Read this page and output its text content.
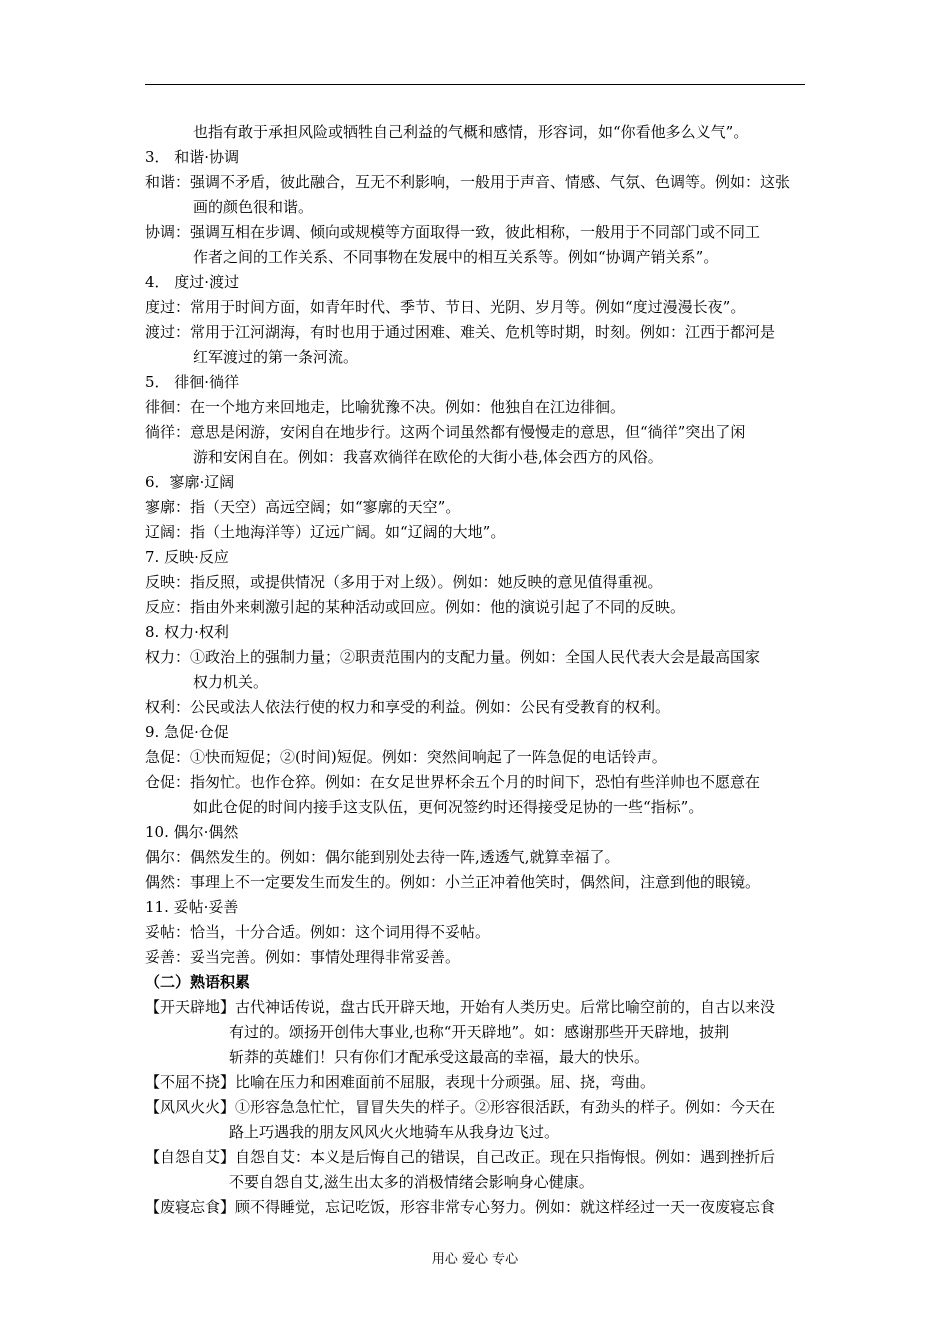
也指有敢于承担风险或牺牲自己利益的气概和感情，形容词，如“你看他多么义气”。

3． 和谐·协调

和谐：强调不矛盾，彼此融合，互无不利影响，一般用于声音、情感、气氛、色调等。例如：这张
画的颜色很和谐。

协调：强调互相在步调、倾向或规模等方面取得一致，彼此相称，一般用于不同部门或不同工
作者之间的工作关系、不同事物在发展中的相互关系等。例如“协调产销关系”。

4． 度过·渡过

度过：常用于时间方面，如青年时代、季节、节日、光阴、岁月等。例如“度过漫漫长夜”。

渡过：常用于江河湖海，有时也用于通过困难、难关、危机等时期，时刻。例如：江西于都河是
红军渡过的第一条河流。

5． 徘徊·徜徉

徘徊：在一个地方来回地走，比喻犹豫不决。例如：他独自在江边徘徊。

徜徉：意思是闲游，安闲自在地步行。这两个词虽然都有慢慢走的意思，但“徜徉”突出了闲
游和安闲自在。例如：我喜欢徜徉在欧伦的大街小巷,体会西方的风俗。

6．寥廓·辽阔

寥廓：指（天空）高远空阔；如“寥廓的天空”。

辽阔：指（土地海洋等）辽远广阔。如“辽阔的大地”。

7. 反映·反应

反映：指反照，或提供情况（多用于对上级）。例如：她反映的意见值得重视。

反应：指由外来刺激引起的某种活动或回应。例如：他的演说引起了不同的反映。

8. 权力·权利

权力：①政治上的强制力量；②职责范围内的支配力量。例如：全国人民代表大会是最高国家
权力机关。

权利：公民或法人依法行使的权力和享受的利益。例如：公民有受教育的权利。

9. 急促·仓促

急促：①快而短促；②(时间)短促。例如：突然间响起了一阵急促的电话铃声。

仓促：指匆忙。也作仓猝。例如：在女足世界杯余五个月的时间下，恐怕有些洋帅也不愿意在
如此仓促的时间内接手这支队伍，更何况签约时还得接受足协的一些“指标”。

10. 偶尔·偶然

偶尔：偶然发生的。例如：偶尔能到别处去待一阵,透透气,就算幸福了。

偶然：事理上不一定要发生而发生的。例如：小兰正冲着他笑时，偶然间，注意到他的眼镜。

11. 妥帖·妥善

妥帖：恰当，十分合适。例如：这个词用得不妥帖。

妥善：妥当完善。例如：事情处理得非常妥善。

（二）熟语积累

【开天辟地】古代神话传说，盘古氏开辟天地，开始有人类历史。后常比喻空前的，自古以来没
有过的。颂扬开创伟大事业,也称“开天辟地”。如：感谢那些开天辟地，披荆
斩莽的英雄们！只有你们才配承受这最高的幸福，最大的快乐。

【不屈不挠】比喻在压力和困难面前不屈服，表现十分顽强。屈、挠，弯曲。

【风风火火】①形容急急忙忙，冒冒失失的样子。②形容很活跃，有劲头的样子。例如：今天在
路上巧遇我的朋友风风火火地骑车从我身边飞过。

【自怨自艾】自怨自艾：本义是后悔自己的错误，自己改正。现在只指悔恨。例如：遇到挫折后
不要自怨自艾,滋生出太多的消极情绪会影响身心健康。

【废寝忘食】顾不得睡觉，忘记吃饭，形容非常专心努力。例如：就这样经过一天一夜废寝忘食

用心 爱心 专心
